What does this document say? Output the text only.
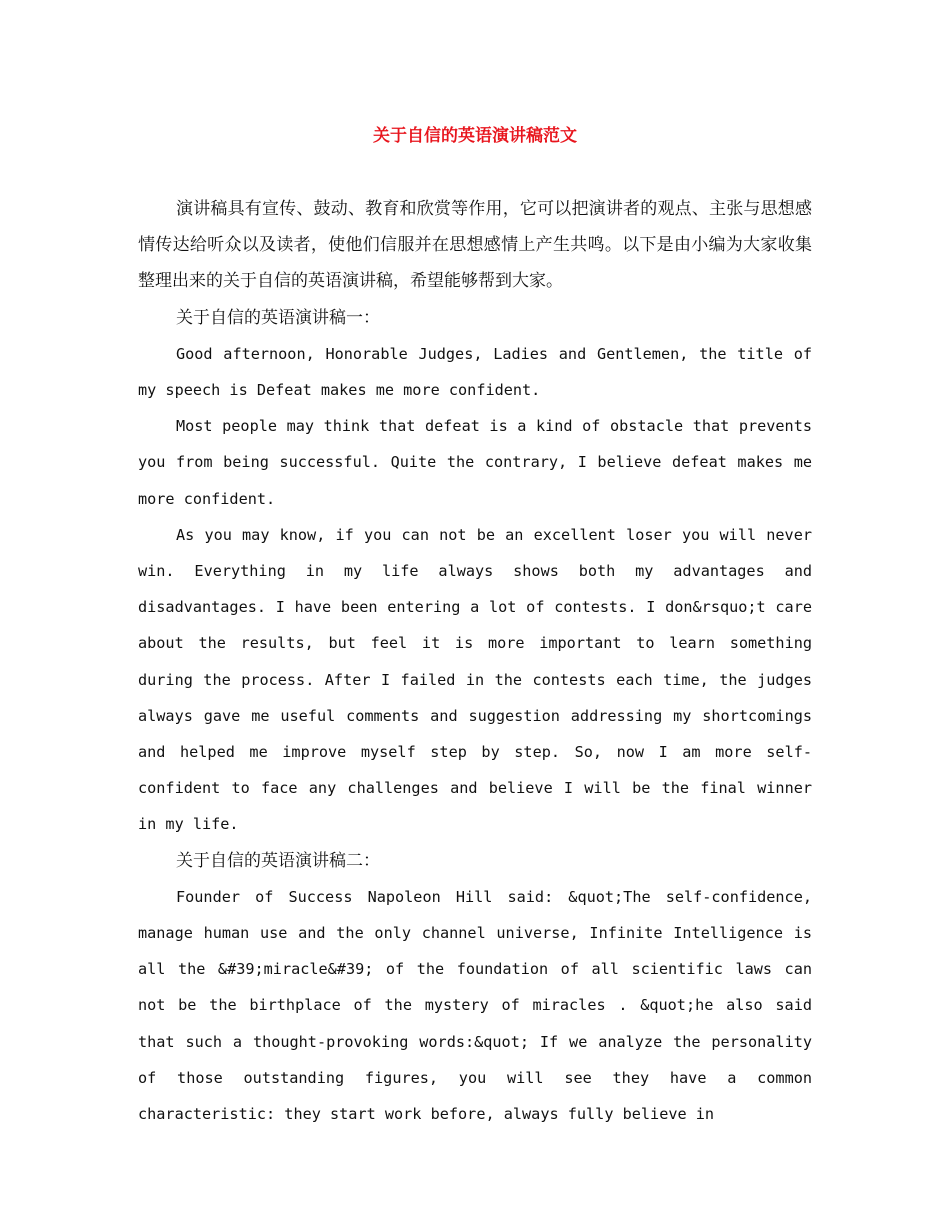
关于自信的英语演讲稿范文

演讲稿具有宣传、鼓动、教育和欣赏等作用，它可以把演讲者的观点、主张与思想感情传达给听众以及读者，使他们信服并在思想感情上产生共鸣。以下是由小编为大家收集整理出来的关于自信的英语演讲稿，希望能够帮到大家。

关于自信的英语演讲稿一：

Good afternoon, Honorable Judges, Ladies and Gentlemen, the title of my speech is Defeat makes me more confident.

Most people may think that defeat is a kind of obstacle that prevents you from being successful. Quite the contrary, I believe defeat makes me more confident.

As you may know, if you can not be an excellent loser you will never win. Everything in my life always shows both my advantages and disadvantages. I have been entering a lot of contests. I don&rsquo;t care about the results, but feel it is more important to learn something during the process. After I failed in the contests each time, the judges always gave me useful comments and suggestion addressing my shortcomings and helped me improve myself step by step. So, now I am more self-confident to face any challenges and believe I will be the final winner in my life.

关于自信的英语演讲稿二：

Founder of Success Napoleon Hill said: &quot;The self-confidence, manage human use and the only channel universe, Infinite Intelligence is all the &#39;miracle&#39; of the foundation of all scientific laws can not be the birthplace of the mystery of miracles . &quot;he also said that such a thought-provoking words:&quot; If we analyze the personality of those outstanding figures, you will see they have a common characteristic: they start work before, always fully believe in
